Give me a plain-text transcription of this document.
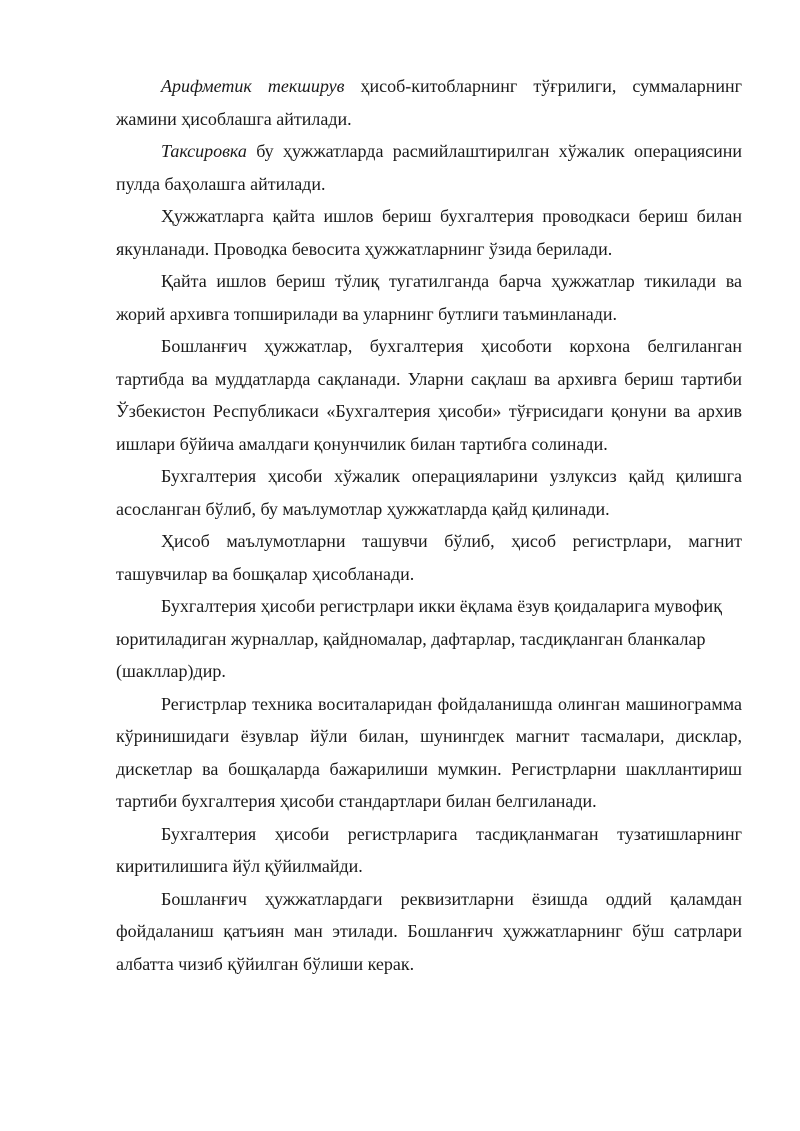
Арифметик текширув ҳисоб-китобларнинг тўғрилиги, суммаларнинг жамини ҳисоблашга айтилади.

Таксировка бу ҳужжатларда расмийлаштирилган хўжалик операциясини пулда баҳолашга айтилади.

Ҳужжатларга қайта ишлов бериш бухгалтерия проводкаси бериш билан якунланади. Проводка бевосита ҳужжатларнинг ўзида берилади.

Қайта ишлов бериш тўлиқ тугатилганда барча ҳужжатлар тикилади ва жорий архивга топширилади ва уларнинг бутлиги таъминланади.

Бошланғич ҳужжатлар, бухгалтерия ҳисоботи корхона белгиланган тартибда ва муддатларда сақланади. Уларни сақлаш ва архивга бериш тартиби Ўзбекистон Республикаси «Бухгалтерия ҳисоби» тўғрисидаги қонуни ва архив ишлари бўйича амалдаги қонунчилик билан тартибга солинади.

Бухгалтерия ҳисоби хўжалик операцияларини узлуксиз қайд қилишга асосланган бўлиб, бу маълумотлар ҳужжатларда қайд қилинади.

Ҳисоб маълумотларни ташувчи бўлиб, ҳисоб регистрлари, магнит ташувчилар ва бошқалар ҳисобланади.

Бухгалтерия ҳисоби регистрлари икки ёқлама ёзув қоидаларига мувофиқ юритиладиган журналлар, қайдномалар, дафтарлар, тасдиқланган бланкалар (шакллар)дир.

Регистрлар техника воситаларидан фойдаланишда олинган машинограмма кўринишидаги ёзувлар йўли билан, шунингдек магнит тасмалари, дисклар, дискетлар ва бошқаларда бажарилиши мумкин. Регистрларни шакллантириш тартиби бухгалтерия ҳисоби стандартлари билан белгиланади.

Бухгалтерия ҳисоби регистрларига тасдиқланмаган тузатишларнинг киритилишига йўл қўйилмайди.

Бошланғич ҳужжатлардаги реквизитларни ёзишда оддий қаламдан фойдаланиш қатъиян ман этилади. Бошланғич ҳужжатларнинг бўш сатрлари албатта чизиб қўйилган бўлиши керак.
